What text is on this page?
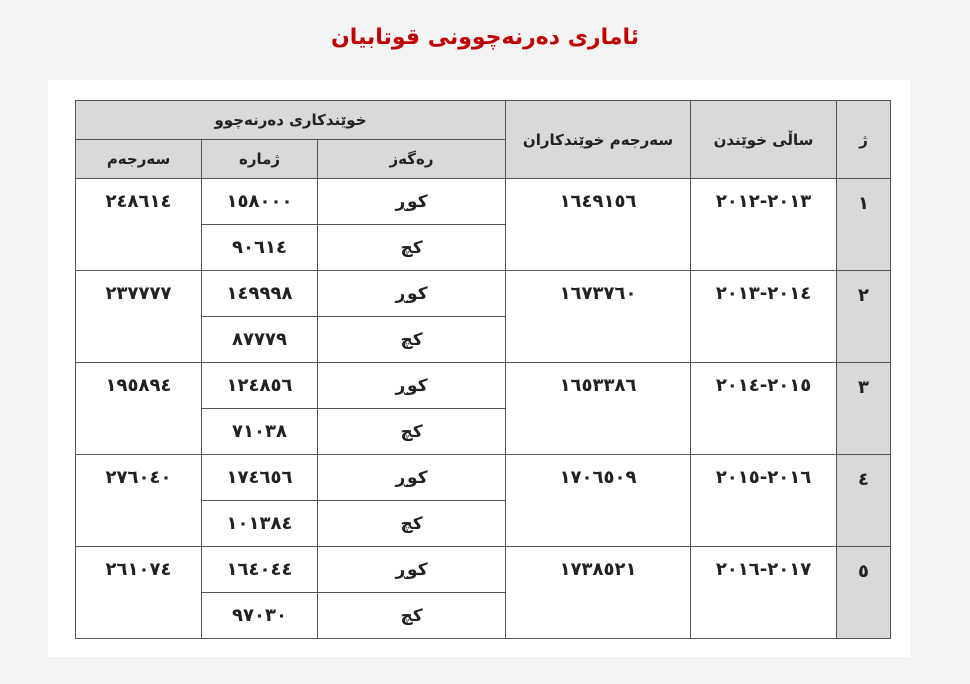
ئاماری دەرنەچوونی قوتابیان
ژ	ساڵی خوێندن	سەرجەم خوێندکاران	خوێندکاری دەرنەچوو		
			رەگەز	ژمارە	سەرجەم
١	٢٠١٣-٢٠١٢	١٦٤٩١٥٦	کوڕ	١٥٨٠٠٠	٢٤٨٦١٤
			کچ	٩٠٦١٤	
٢	٢٠١٤-٢٠١٣	١٦٧٣٧٦٠	کوڕ	١٤٩٩٩٨	٢٣٧٧٧٧
			کچ	٨٧٧٧٩	
٣	٢٠١٥-٢٠١٤	١٦٥٣٣٨٦	کوڕ	١٢٤٨٥٦	١٩٥٨٩٤
			کچ	٧١٠٣٨	
٤	٢٠١٦-٢٠١٥	١٧٠٦٥٠٩	کوڕ	١٧٤٦٥٦	٢٧٦٠٤٠
			کچ	١٠١٣٨٤	
٥	٢٠١٧-٢٠١٦	١٧٣٨٥٢١	کوڕ	١٦٤٠٤٤	٢٦١٠٧٤
			کچ	٩٧٠٣٠	
